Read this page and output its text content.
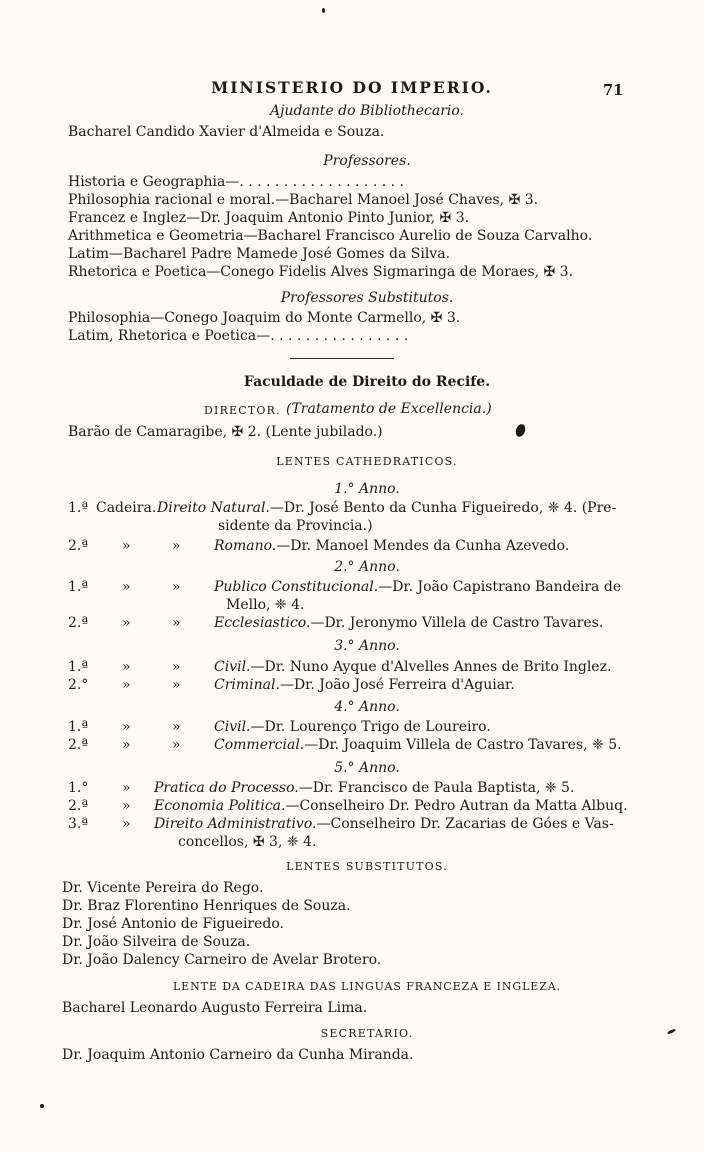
MINISTERIO DO IMPERIO.	71
Ajudante do Bibliothecario.
Bacharel Candido Xavier d'Almeida e Souza.
Professores.
Historia e Geographia—. . . . . . . . . . . . . . . . . . .
Philosophia racional e moral.—Bacharel Manoel José Chaves, ✠ 3.
Francez e Inglez—Dr. Joaquim Antonio Pinto Junior, ✠ 3.
Arithmetica e Geometria—Bacharel Francisco Aurelio de Souza Carvalho.
Latim—Bacharel Padre Mamede José Gomes da Silva.
Rhetorica e Poetica—Conego Fidelis Alves Sigmaringa de Moraes, ✠ 3.
Professores Substitutos.
Philosophia—Conego Joaquim do Monte Carmello, ✠ 3.
Latim, Rhetorica e Poetica—. . . . . . . . . . . . . . . .
Faculdade de Direito do Recife.
DIRECTOR. (Tratamento de Excellencia.)
Barão de Camaragibe, ✠ 2. (Lente jubilado.)
LENTES CATHEDRATICOS.
1.° Anno.
1.ª Cadeira. Direito Natural.—Dr. José Bento da Cunha Figueiredo, ❈ 4. (Pre-
sidente da Provincia.)
2.ª »	» Romano.—Dr. Manoel Mendes da Cunha Azevedo.
2.° Anno.
1.ª »	» Publico Constitucional.—Dr. João Capistrano Bandeira de
Mello, ❈ 4.
2.ª »	» Ecclesiastico.—Dr. Jeronymo Villela de Castro Tavares.
3.° Anno.
1.ª »	» Civil.—Dr. Nuno Ayque d'Alvelles Annes de Brito Inglez.
2.° »	» Criminal.—Dr. João José Ferreira d'Aguiar.
4.° Anno.
1.ª »	» Civil.—Dr. Lourenço Trigo de Loureiro.
2.ª »	» Commercial.—Dr. Joaquim Villela de Castro Tavares, ❈ 5.
5.° Anno.
1.° » Pratica do Processo.—Dr. Francisco de Paula Baptista, ❈ 5.
2.ª » Economia Politica.—Conselheiro Dr. Pedro Autran da Matta Albuq.
3.ª » Direito Administrativo.—Conselheiro Dr. Zacarias de Góes e Vas-
concellos, ✠ 3, ❈ 4.
LENTES SUBSTITUTOS.
Dr. Vicente Pereira do Rego.
Dr. Braz Florentino Henriques de Souza.
Dr. José Antonio de Figueiredo.
Dr. João Silveira de Souza.
Dr. João Dalency Carneiro de Avelar Brotero.
LENTE DA CADEIRA DAS LINGUAS FRANCEZA E INGLEZA.
Bacharel Leonardo Augusto Ferreira Lima.
SECRETARIO.
Dr. Joaquim Antonio Carneiro da Cunha Miranda.
